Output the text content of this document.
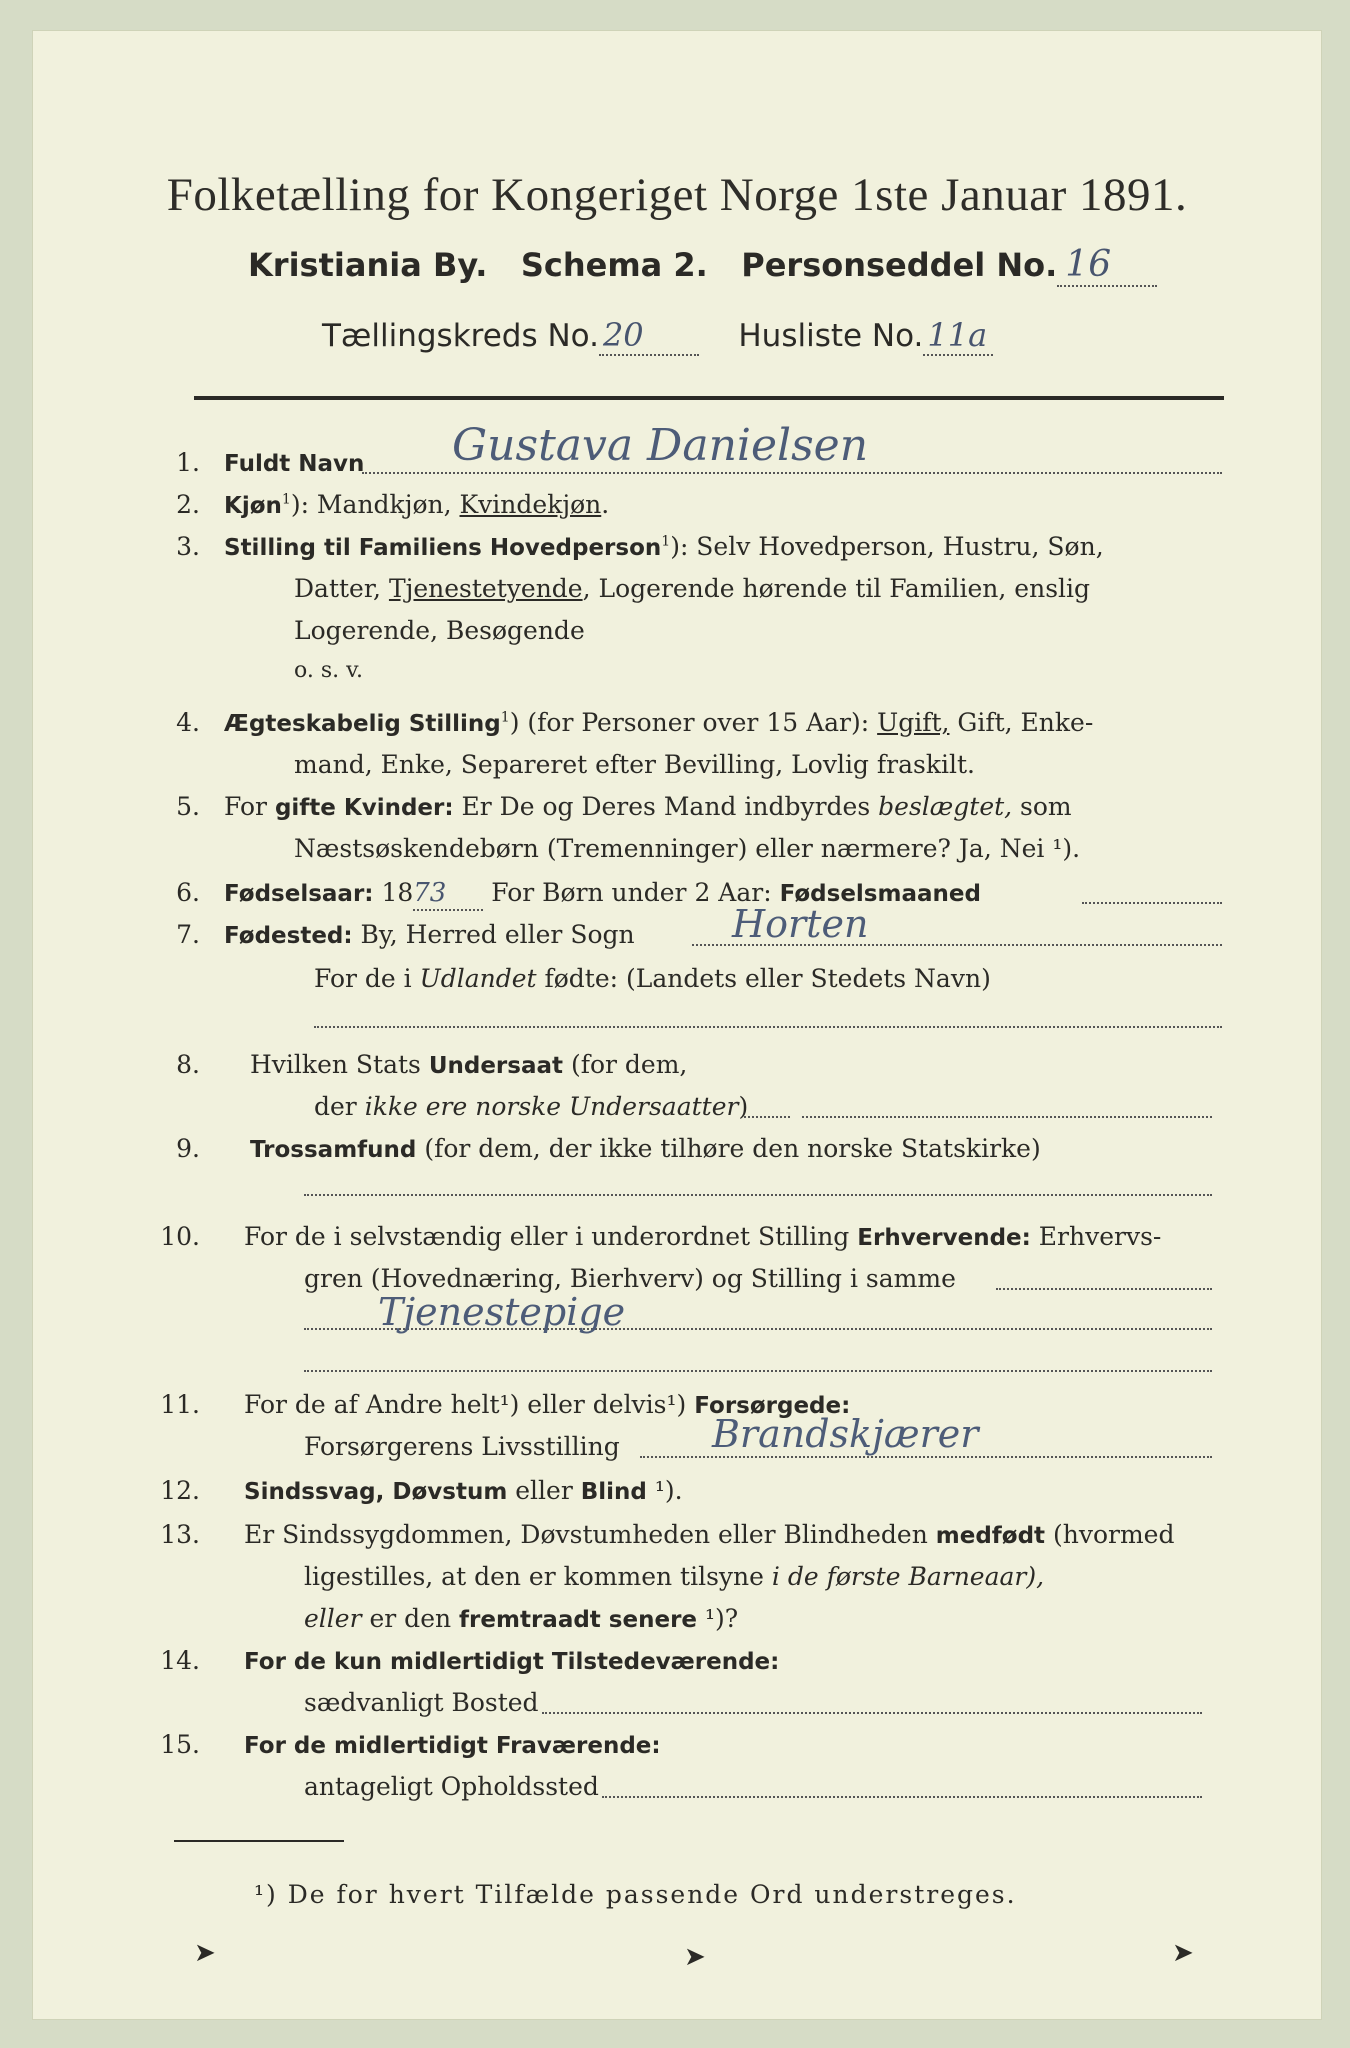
Folketælling for Kongeriget Norge 1ste Januar 1891.
Kristiania By. Schema 2. Personseddel No. 16
Tællingskreds No. 20	Husliste No. 11a
1. Fuldt Navn Gustava Danielsen
2. Kjøn$^1$): Mandkjøn, Kvindekjøn.
3. Stilling til Familiens Hovedperson$^1$): Selv Hovedperson, Hustru, Søn,
Datter, Tjenestetyende, Logerende hørende til Familien, enslig
Logerende, Besøgende
o. s. v.
4. Ægteskabelig Stilling$^1$) (for Personer over 15 Aar): Ugift, Gift, Enke-
mand, Enke, Separeret efter Bevilling, Lovlig fraskilt.
5. For gifte Kvinder: Er De og Deres Mand indbyrdes beslægtet, som
Næstsøskendebørn (Tremenninger) eller nærmere? Ja, Nei ¹).
6. Fødselsaar: 1873 For Børn under 2 Aar: Fødselsmaaned
7. Fødested: By, Herred eller Sogn	Horten
For de i Udlandet fødte: (Landets eller Stedets Navn)
8. Hvilken Stats Undersaat (for dem,
der ikke ere norske Undersaatter)
9. Trossamfund (for dem, der ikke tilhøre den norske Statskirke)
10. For de i selvstændig eller i underordnet Stilling Erhvervende: Erhvervs-
gren (Hovednæring, Bierhverv) og Stilling i samme
Tjenestepige
11. For de af Andre helt¹) eller delvis¹) Forsørgede:
Forsørgerens Livsstilling Brandskjærer
12. Sindssvag, Døvstum eller Blind ¹).
13. Er Sindssygdommen, Døvstumheden eller Blindheden medfødt (hvormed
ligestilles, at den er kommen tilsyne i de første Barneaar),
eller er den fremtraadt senere ¹)?
14. For de kun midlertidigt Tilstedeværende:
sædvanligt Bosted
15. For de midlertidigt Fraværende:
antageligt Opholdssted
¹) De for hvert Tilfælde passende Ord understreges.
➤	➤	➤
